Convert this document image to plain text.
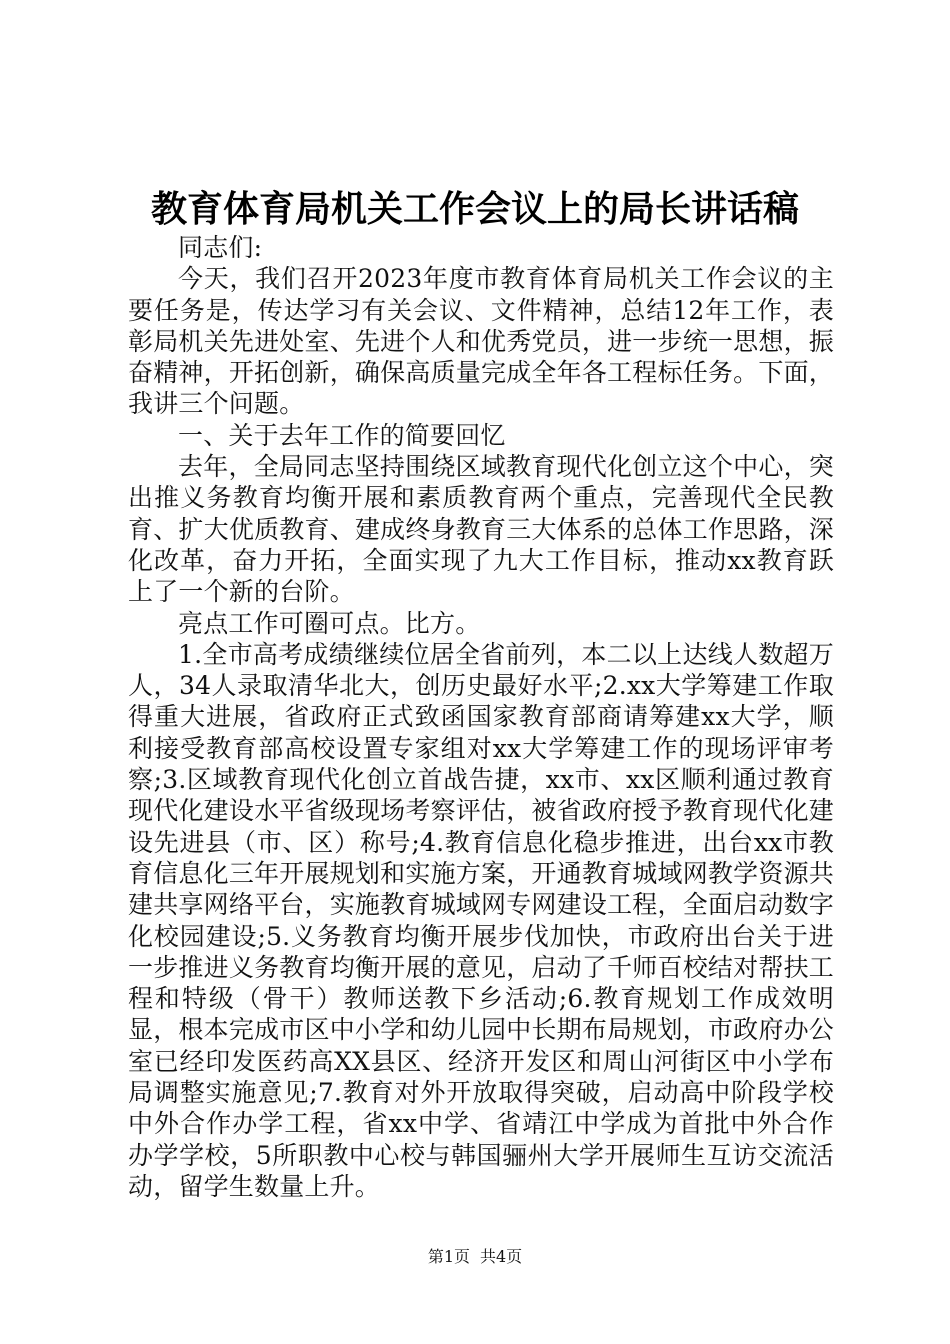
教育体育局机关工作会议上的局长讲话稿

同志们:

今天，我们召开2023年度市教育体育局机关工作会议的主要任务是，传达学习有关会议、文件精神，总结12年工作，表彰局机关先进处室、先进个人和优秀党员，进一步统一思想，振奋精神，开拓创新，确保高质量完成全年各工程标任务。下面，我讲三个问题。

一、关于去年工作的简要回忆

去年，全局同志坚持围绕区域教育现代化创立这个中心，突出推义务教育均衡开展和素质教育两个重点，完善现代全民教育、扩大优质教育、建成终身教育三大体系的总体工作思路，深化改革，奋力开拓，全面实现了九大工作目标，推动xx教育跃上了一个新的台阶。

亮点工作可圈可点。比方。

1.全市高考成绩继续位居全省前列，本二以上达线人数超万人，34人录取清华北大，创历史最好水平;2.xx大学筹建工作取得重大进展，省政府正式致函国家教育部商请筹建xx大学，顺利接受教育部高校设置专家组对xx大学筹建工作的现场评审考察;3.区域教育现代化创立首战告捷，xx市、xx区顺利通过教育现代化建设水平省级现场考察评估，被省政府授予教育现代化建设先进县（市、区）称号;4.教育信息化稳步推进，出台xx市教育信息化三年开展规划和实施方案，开通教育城域网教学资源共建共享网络平台，实施教育城域网专网建设工程，全面启动数字化校园建设;5.义务教育均衡开展步伐加快，市政府出台关于进一步推进义务教育均衡开展的意见，启动了千师百校结对帮扶工程和特级（骨干）教师送教下乡活动;6.教育规划工作成效明显，根本完成市区中小学和幼儿园中长期布局规划，市政府办公室已经印发医药高XX县区、经济开发区和周山河街区中小学布局调整实施意见;7.教育对外开放取得突破，启动高中阶段学校中外合作办学工程，省xx中学、省靖江中学成为首批中外合作办学学校，5所职教中心校与韩国骊州大学开展师生互访交流活动，留学生数量上升。

第1页 共4页
